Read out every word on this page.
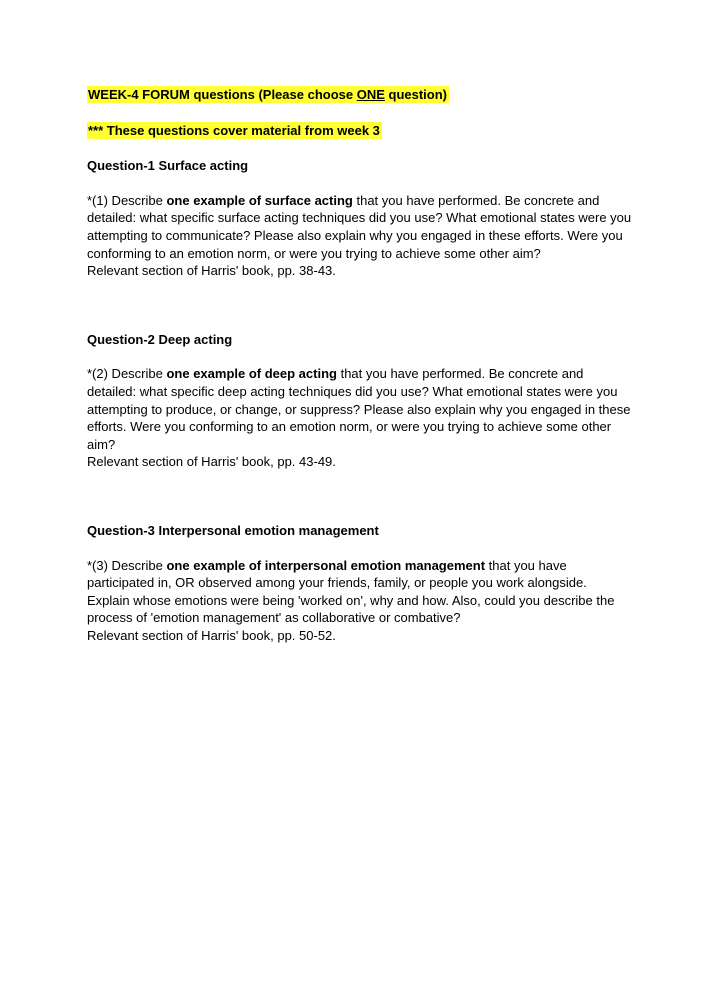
WEEK-4 FORUM questions (Please choose ONE question)

*** These questions cover material from week 3

Question-1 Surface acting

*(1) Describe one example of surface acting that you have performed. Be concrete and detailed: what specific surface acting techniques did you use? What emotional states were you attempting to communicate? Please also explain why you engaged in these efforts. Were you conforming to an emotion norm, or were you trying to achieve some other aim?

Relevant section of Harris' book, pp. 38-43.

Question-2 Deep acting

*(2) Describe one example of deep acting that you have performed. Be concrete and detailed: what specific deep acting techniques did you use? What emotional states were you attempting to produce, or change, or suppress? Please also explain why you engaged in these efforts. Were you conforming to an emotion norm, or were you trying to achieve some other aim?

Relevant section of Harris' book, pp. 43-49.

Question-3 Interpersonal emotion management

*(3) Describe one example of interpersonal emotion management that you have participated in, OR observed among your friends, family, or people you work alongside. Explain whose emotions were being 'worked on', why and how. Also, could you describe the process of 'emotion management' as collaborative or combative?

Relevant section of Harris' book, pp. 50-52.
